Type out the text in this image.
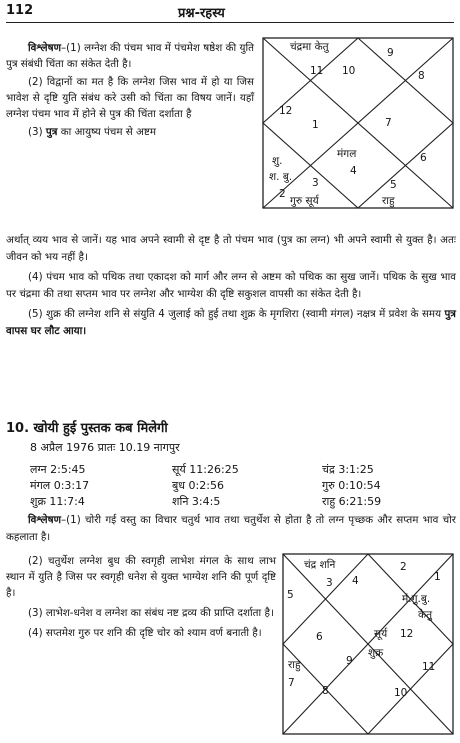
112	प्रश्न-रहस्य

विश्लेषण–(1) लग्नेश की पंचम भाव में पंचमेश षष्ठेश की युति पुत्र संबंधी चिंता का संकेत देती है।

(2) विद्वानों का मत है कि लग्नेश जिस भाव में हो या जिस भावेश से दृष्टि युति संबंध करे उसी को चिंता का विषय जानें। यहाँ लग्नेश पंचम भाव में होने से पुत्र की चिंता दर्शाता है

(3) पुत्र का आयुष्य पंचम से अष्टम

चंद्रमा केतु
11 10
9
8
12
1	7
शु.
श. बु.
मंगल
4
6
2
3
गुरु सूर्य
5
राहु

अर्थात् व्यय भाव से जानें। यह भाव अपने स्वामी से दृष्ट है तो पंचम भाव (पुत्र का लग्न) भी अपने स्वामी से युक्त है। अतः जीवन को भय नहीं है।

(4) पंचम भाव को पथिक तथा एकादश को मार्ग और लग्न से अष्टम को पथिक का सुख जानें। पथिक के सुख भाव पर चंद्रमा की तथा सप्तम भाव पर लग्नेश और भाग्येश की दृष्टि सकुशल वापसी का संकेत देती है।

(5) शुक्र की लग्नेश शनि से संयुति 4 जुलाई को हुई तथा शुक्र के मृगशिरा (स्वामी मंगल) नक्षत्र में प्रवेश के समय पुत्र वापस घर लौट आया।

10. खोयी हुई पुस्तक कब मिलेगी
8 अप्रैल 1976 प्रातः 10.19 नागपुर
लग्न 2:5:45	सूर्य 11:26:25	चंद्र 3:1:25
मंगल 0:3:17	बुध 0:2:56	गुरु 0:10:54
शुक्र 11:7:4	शनि 3:4:5	राहु 6:21:59
विश्लेषण–(1) चोरी गई वस्तु का विचार चतुर्थ भाव तथा चतुर्थेश से होता है तो लग्न पृच्छक और सप्तम भाव चोर कहलाता है।

(2) चतुर्थेश लग्नेश बुध की स्वगृही लाभेश मंगल के साथ लाभ स्थान में युति है जिस पर स्वगृही धनेश से युक्त भाग्येश शनि की पूर्ण दृष्टि है।

(3) लाभेश-धनेश व लग्नेश का संबंध नष्ट द्रव्य की प्राप्ति दर्शाता है।

(4) सप्तमेश गुरु पर शनि की दृष्टि चोर को श्याम वर्ण बनाती है।

चंद्र शनि
3 4
2
1
5	मं.गु.बु.
केतु
6	सूर्य 12
शुक्र
9	11
राहु
7
8	10
